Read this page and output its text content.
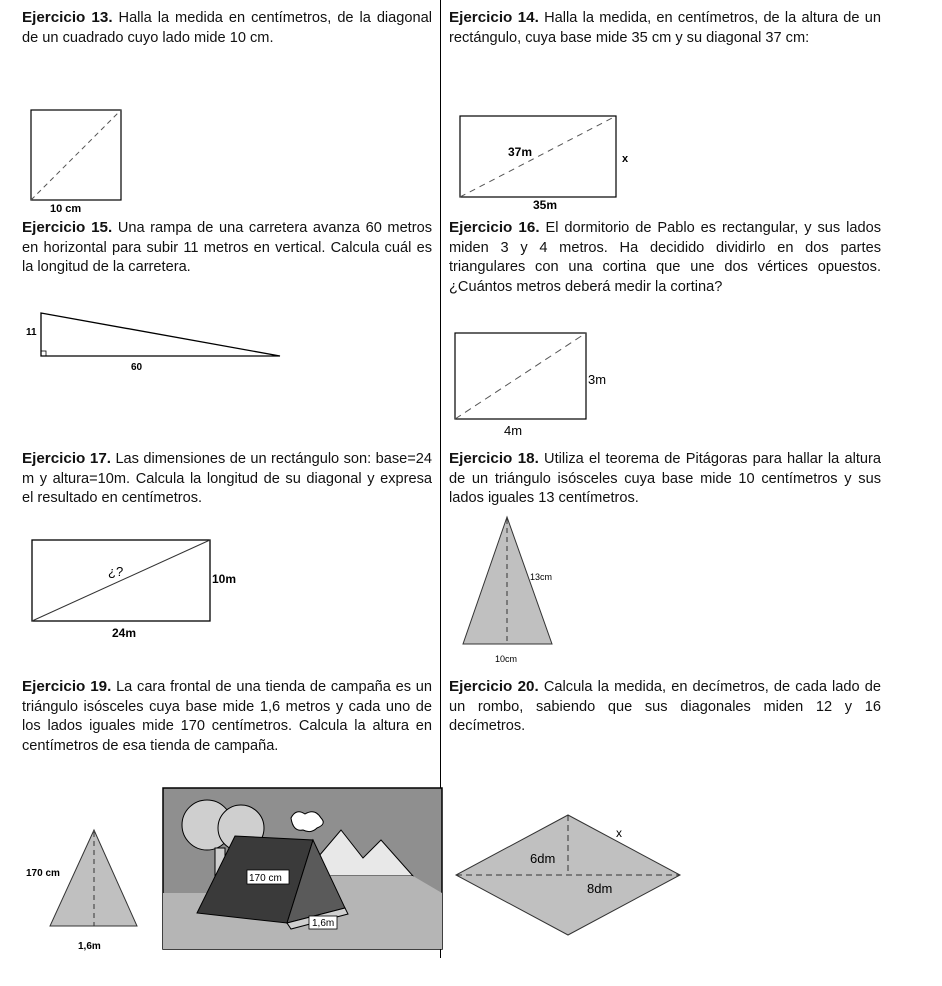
Ejercicio 13. Halla la medida en centímetros, de la diagonal de un cuadrado cuyo lado mide 10 cm.

10 cm

Ejercicio 14. Halla la medida, en centímetros, de la altura de un rectángulo, cuya base mide 35 cm y su diagonal 37 cm:

37m	x
35m

Ejercicio 15. Una rampa de una carretera avanza 60 metros en horizontal para subir 11 metros en vertical. Calcula cuál es la longitud de la carretera.

11
60

Ejercicio 16. El dormitorio de Pablo es rectangular, y sus lados miden 3 y 4 metros. Ha decidido dividirlo en dos partes triangulares con una cortina que une dos vértices opuestos. ¿Cuántos metros deberá medir la cortina?

3m
4m

Ejercicio 17. Las dimensiones de un rectángulo son: base=24 m y altura=10m. Calcula la longitud de su diagonal y expresa el resultado en centímetros.

¿?	10m
24m

Ejercicio 18. Utiliza el teorema de Pitágoras para hallar la altura de un triángulo isósceles cuya base mide 10 centímetros y sus lados iguales 13 centímetros.

13cm
10cm

Ejercicio 19. La cara frontal de una tienda de campaña es un triángulo isósceles cuya base mide 1,6 metros y cada uno de los lados iguales mide 170 centímetros. Calcula la altura en centímetros de esa tienda de campaña.

170 cm
1,6m
170 cm
1,6m

Ejercicio 20. Calcula la medida, en decímetros, de cada lado de un rombo, sabiendo que sus diagonales miden 12 y 16 decímetros.

x
6dm
8dm
